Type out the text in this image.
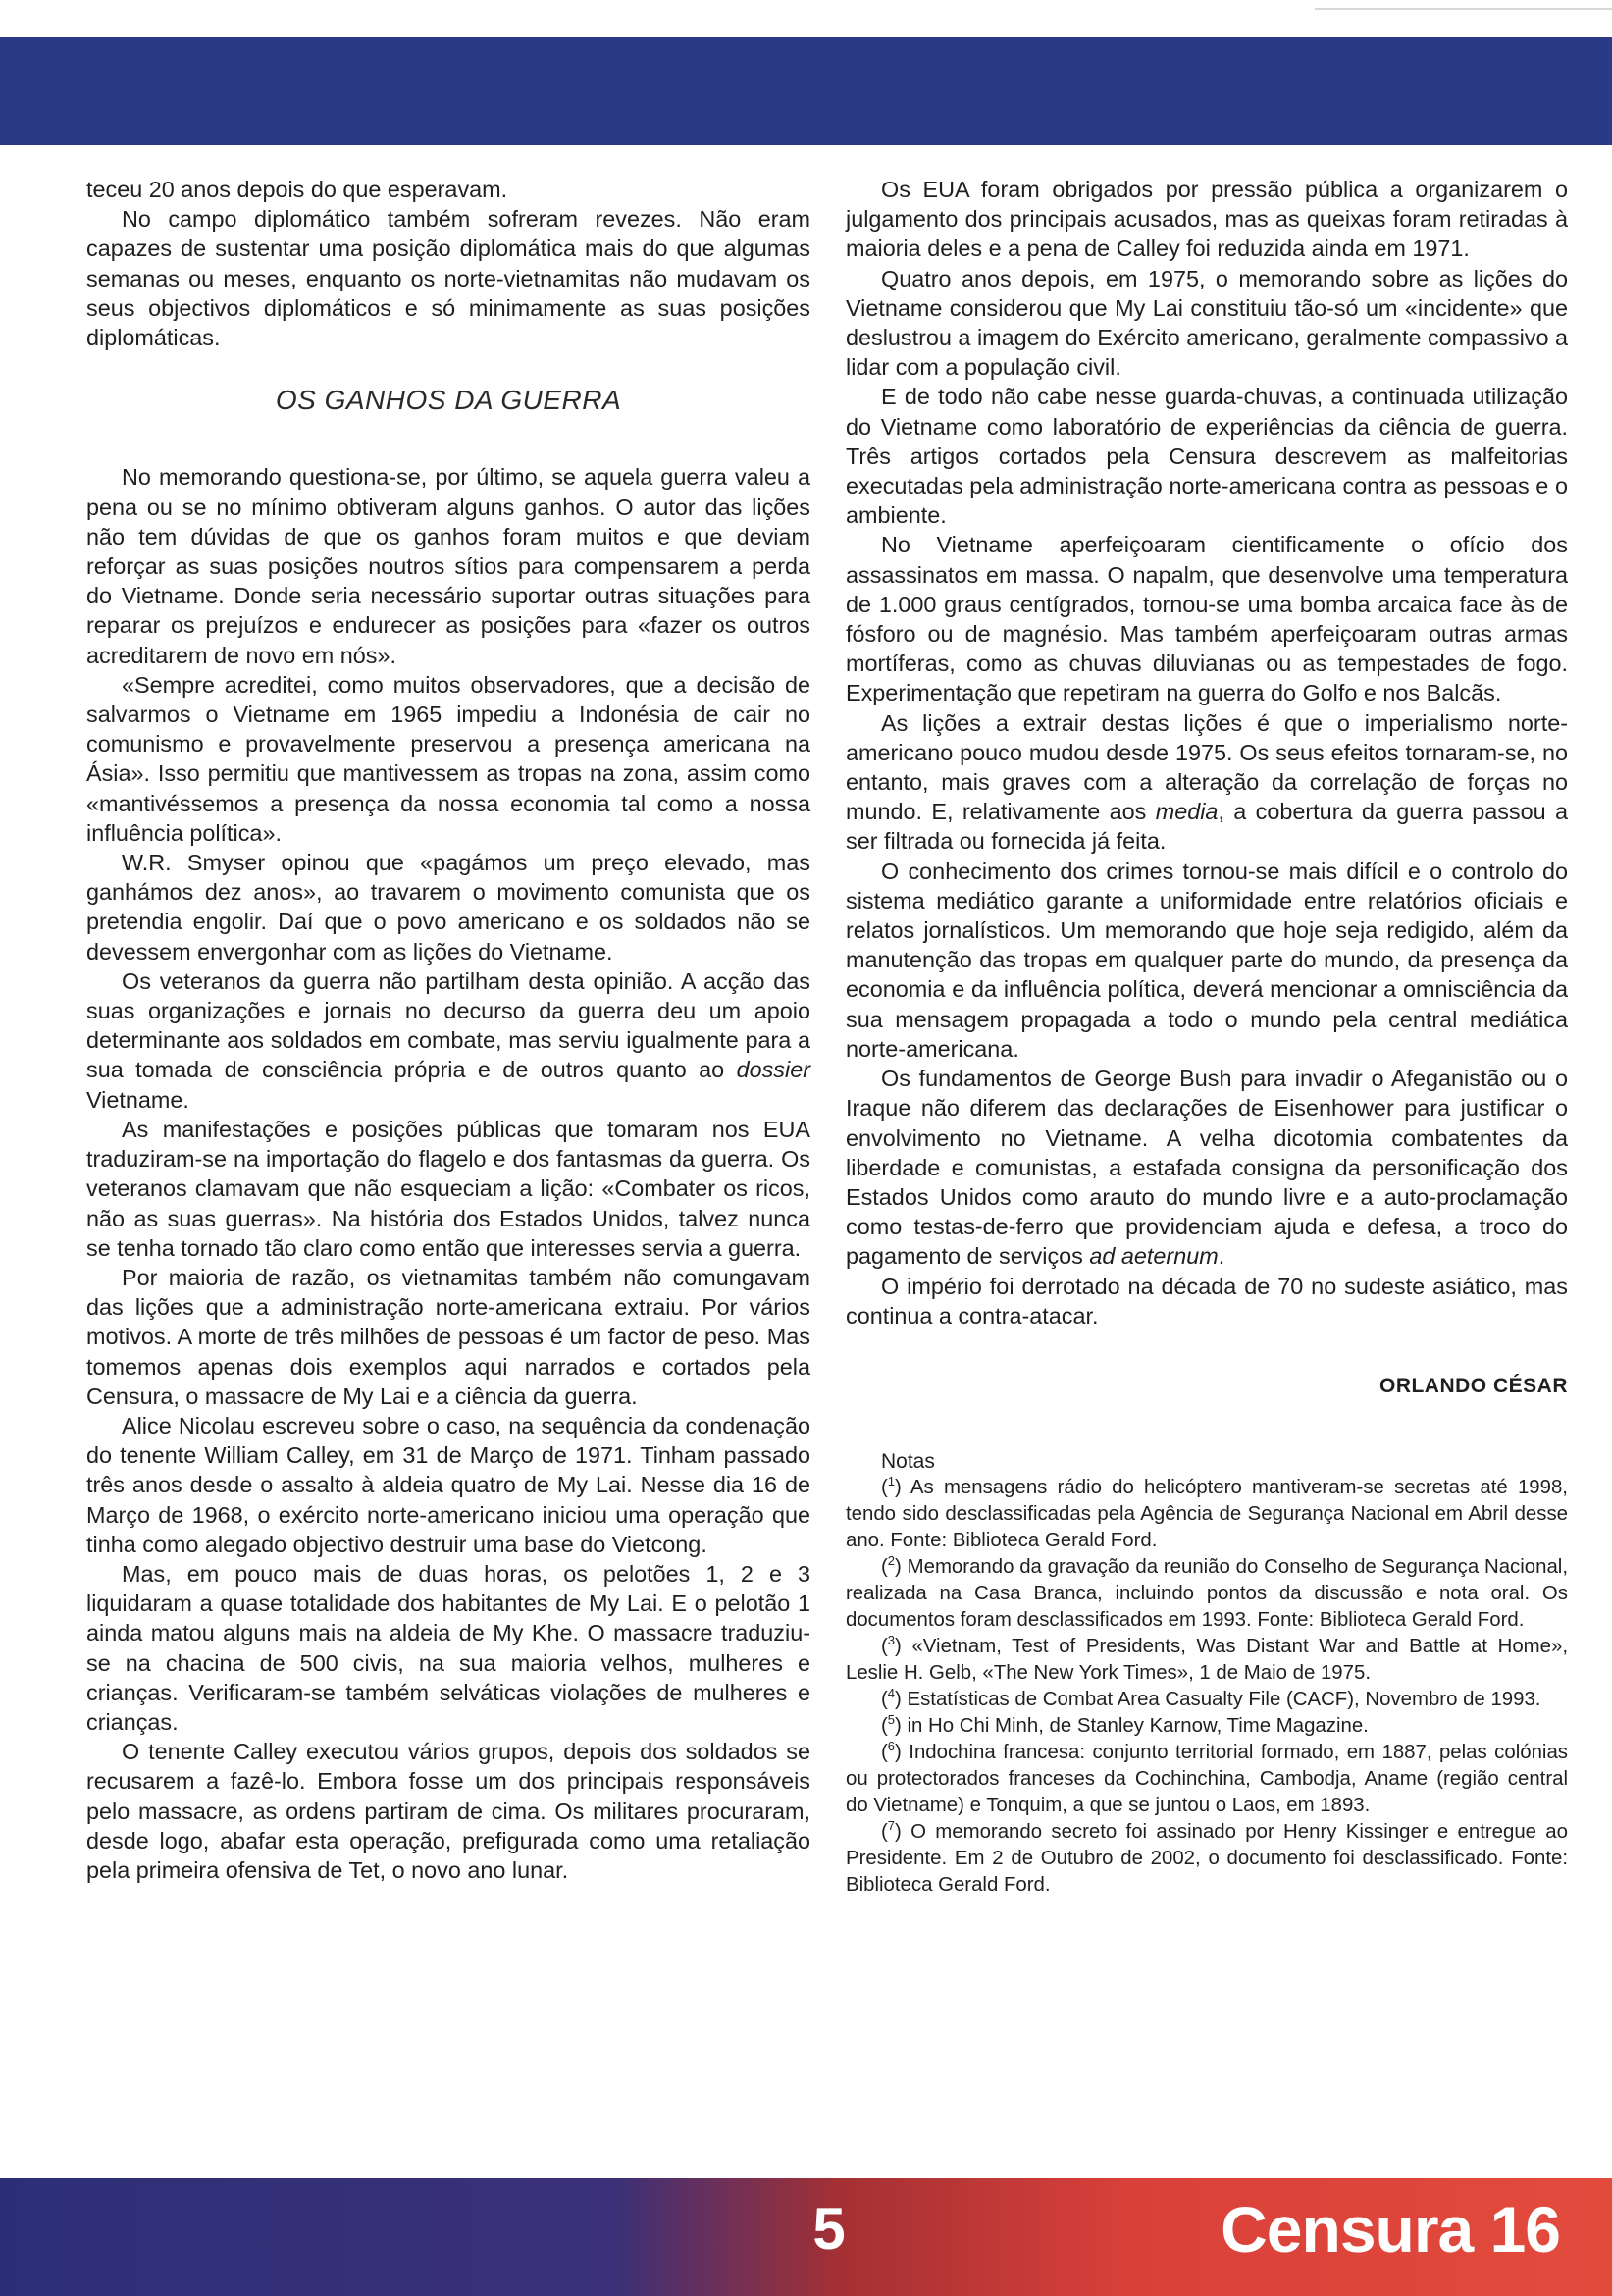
teceu 20 anos depois do que esperavam.

No campo diplomático também sofreram revezes. Não eram capazes de sustentar uma posição diplomática mais do que algumas semanas ou meses, enquanto os norte-vietnamitas não mudavam os seus objectivos diplomáticos e só minimamente as suas posições diplomáticas.

OS GANHOS DA GUERRA

No memorando questiona-se, por último, se aquela guerra valeu a pena ou se no mínimo obtiveram alguns ganhos. O autor das lições não tem dúvidas de que os ganhos foram muitos e que deviam reforçar as suas posições noutros sítios para compensarem a perda do Vietname. Donde seria necessário suportar outras situações para reparar os prejuízos e endurecer as posições para «fazer os outros acreditarem de novo em nós».

«Sempre acreditei, como muitos observadores, que a decisão de salvarmos o Vietname em 1965 impediu a Indonésia de cair no comunismo e provavelmente preservou a presença americana na Ásia». Isso permitiu que mantivessem as tropas na zona, assim como «mantivéssemos a presença da nossa economia tal como a nossa influência política».

W.R. Smyser opinou que «pagámos um preço elevado, mas ganhámos dez anos», ao travarem o movimento comunista que os pretendia engolir. Daí que o povo americano e os soldados não se devessem envergonhar com as lições do Vietname.

Os veteranos da guerra não partilham desta opinião. A acção das suas organizações e jornais no decurso da guerra deu um apoio determinante aos soldados em combate, mas serviu igualmente para a sua tomada de consciência própria e de outros quanto ao dossier Vietname.

As manifestações e posições públicas que tomaram nos EUA traduziram-se na importação do flagelo e dos fantasmas da guerra. Os veteranos clamavam que não esqueciam a lição: «Combater os ricos, não as suas guerras». Na história dos Estados Unidos, talvez nunca se tenha tornado tão claro como então que interesses servia a guerra.

Por maioria de razão, os vietnamitas também não comungavam das lições que a administração norte-americana extraiu. Por vários motivos. A morte de três milhões de pessoas é um factor de peso. Mas tomemos apenas dois exemplos aqui narrados e cortados pela Censura, o massacre de My Lai e a ciência da guerra.

Alice Nicolau escreveu sobre o caso, na sequência da condenação do tenente William Calley, em 31 de Março de 1971. Tinham passado três anos desde o assalto à aldeia quatro de My Lai. Nesse dia 16 de Março de 1968, o exército norte-americano iniciou uma operação que tinha como alegado objectivo destruir uma base do Vietcong.

Mas, em pouco mais de duas horas, os pelotões 1, 2 e 3 liquidaram a quase totalidade dos habitantes de My Lai. E o pelotão 1 ainda matou alguns mais na aldeia de My Khe. O massacre traduziu-se na chacina de 500 civis, na sua maioria velhos, mulheres e crianças. Verificaram-se também selváticas violações de mulheres e crianças.

O tenente Calley executou vários grupos, depois dos soldados se recusarem a fazê-lo. Embora fosse um dos principais responsáveis pelo massacre, as ordens partiram de cima. Os militares procuraram, desde logo, abafar esta operação, prefigurada como uma retaliação pela primeira ofensiva de Tet, o novo ano lunar.

Os EUA foram obrigados por pressão pública a organizarem o julgamento dos principais acusados, mas as queixas foram retiradas à maioria deles e a pena de Calley foi reduzida ainda em 1971.

Quatro anos depois, em 1975, o memorando sobre as lições do Vietname considerou que My Lai constituiu tão-só um «incidente» que deslustrou a imagem do Exército americano, geralmente compassivo a lidar com a população civil.

E de todo não cabe nesse guarda-chuvas, a continuada utilização do Vietname como laboratório de experiências da ciência de guerra. Três artigos cortados pela Censura descrevem as malfeitorias executadas pela administração norte-americana contra as pessoas e o ambiente.

No Vietname aperfeiçoaram cientificamente o ofício dos assassinatos em massa. O napalm, que desenvolve uma temperatura de 1.000 graus centígrados, tornou-se uma bomba arcaica face às de fósforo ou de magnésio. Mas também aperfeiçoaram outras armas mortíferas, como as chuvas diluvianas ou as tempestades de fogo. Experimentação que repetiram na guerra do Golfo e nos Balcãs.

As lições a extrair destas lições é que o imperialismo norte-americano pouco mudou desde 1975. Os seus efeitos tornaram-se, no entanto, mais graves com a alteração da correlação de forças no mundo. E, relativamente aos media, a cobertura da guerra passou a ser filtrada ou fornecida já feita.

O conhecimento dos crimes tornou-se mais difícil e o controlo do sistema mediático garante a uniformidade entre relatórios oficiais e relatos jornalísticos. Um memorando que hoje seja redigido, além da manutenção das tropas em qualquer parte do mundo, da presença da economia e da influência política, deverá mencionar a omnisciência da sua mensagem propagada a todo o mundo pela central mediática norte-americana.

Os fundamentos de George Bush para invadir o Afeganistão ou o Iraque não diferem das declarações de Eisenhower para justificar o envolvimento no Vietname. A velha dicotomia combatentes da liberdade e comunistas, a estafada consigna da personificação dos Estados Unidos como arauto do mundo livre e a auto-proclamação como testas-de-ferro que providenciam ajuda e defesa, a troco do pagamento de serviços ad aeternum.

O império foi derrotado na década de 70 no sudeste asiático, mas continua a contra-atacar.

ORLANDO CÉSAR

Notas

($^1$) As mensagens rádio do helicóptero mantiveram-se secretas até 1998, tendo sido desclassificadas pela Agência de Segurança Nacional em Abril desse ano. Fonte: Biblioteca Gerald Ford.

($^2$) Memorando da gravação da reunião do Conselho de Segurança Nacional, realizada na Casa Branca, incluindo pontos da discussão e nota oral. Os documentos foram desclassificados em 1993. Fonte: Biblioteca Gerald Ford.

($^3$) «Vietnam, Test of Presidents, Was Distant War and Battle at Home», Leslie H. Gelb, «The New York Times», 1 de Maio de 1975.

($^4$) Estatísticas de Combat Area Casualty File (CACF), Novembro de 1993.

($^5$) in Ho Chi Minh, de Stanley Karnow, Time Magazine.

($^6$) Indochina francesa: conjunto territorial formado, em 1887, pelas colónias ou protectorados franceses da Cochinchina, Cambodja, Aname (região central do Vietname) e Tonquim, a que se juntou o Laos, em 1893.

($^7$) O memorando secreto foi assinado por Henry Kissinger e entregue ao Presidente. Em 2 de Outubro de 2002, o documento foi desclassificado. Fonte: Biblioteca Gerald Ford.

5	Censura 16
